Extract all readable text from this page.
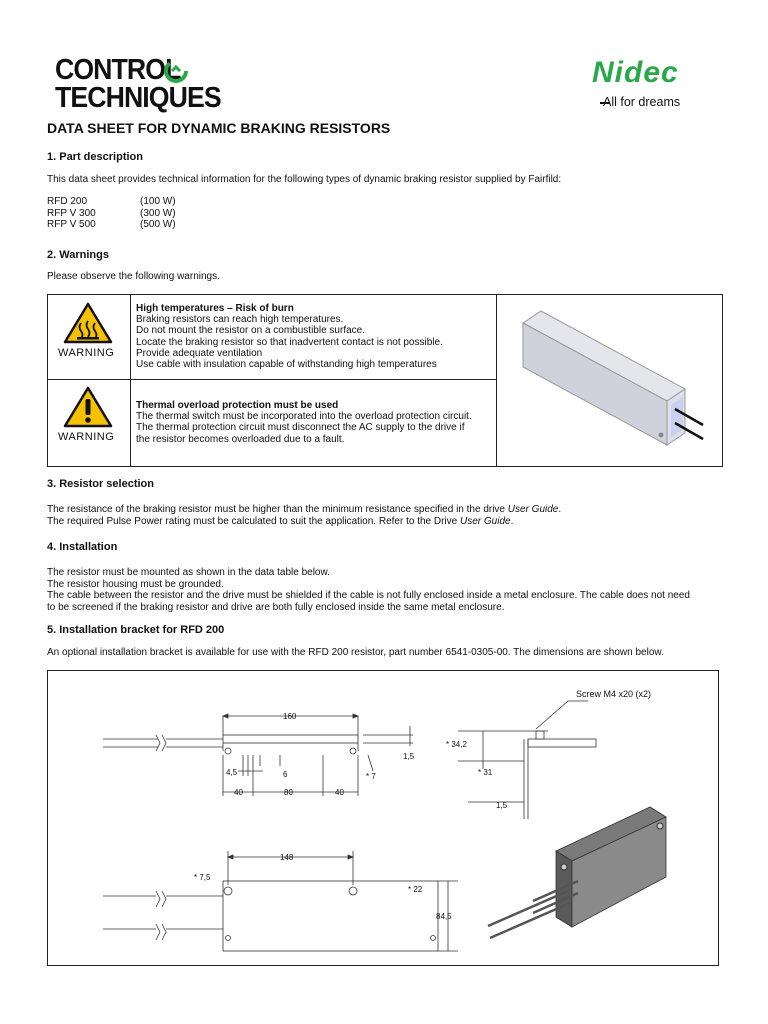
CONTROL
TECHNIQUES
Nidec
All for dreams
DATA SHEET FOR DYNAMIC BRAKING RESISTORS
1. Part description
This data sheet provides technical information for the following types of dynamic braking resistor supplied by Fairfild:
RFD 200	(100 W)
RFP V 300	(300 W)
RFP V 500	(500 W)
2. Warnings
Please observe the following warnings.
WARNING
High temperatures – Risk of burn
Braking resistors can reach high temperatures.
Do not mount the resistor on a combustible surface.
Locate the braking resistor so that inadvertent contact is not possible.
Provide adequate ventilation
Use cable with insulation capable of withstanding high temperatures
WARNING
Thermal overload protection must be used
The thermal switch must be incorporated into the overload protection circuit.
The thermal protection circuit must disconnect the AC supply to the drive if
the resistor becomes overloaded due to a fault.
3. Resistor selection
The resistance of the braking resistor must be higher than the minimum resistance specified in the drive User Guide.
The required Pulse Power rating must be calculated to suit the application. Refer to the Drive User Guide.
4. Installation
The resistor must be mounted as shown in the data table below.
The resistor housing must be grounded.
The cable between the resistor and the drive must be shielded if the cable is not fully enclosed inside a metal enclosure. The cable does not need
to be screened if the braking resistor and drive are both fully enclosed inside the same metal enclosure.
5. Installation bracket for RFD 200
An optional installation bracket is available for use with the RFD 200 resistor, part number 6541-0305-00. The dimensions are shown below.
160
1,5
4,5	6	* 7
40	80	40
Screw M4 x20 (x2)
* 34,2
* 31
1,5
148
* 7,5
* 22
84,5
